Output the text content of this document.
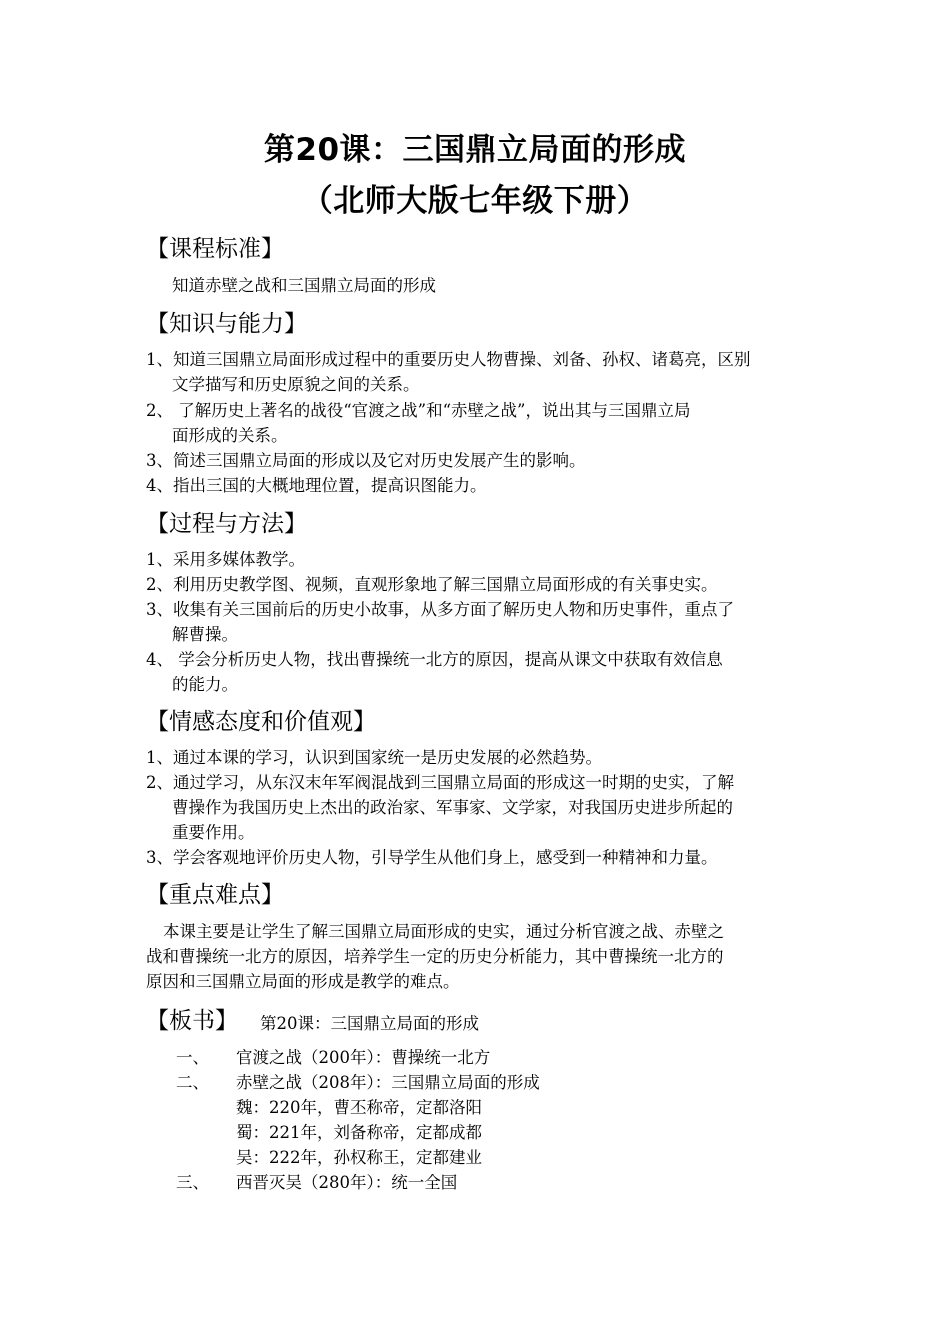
第20课：三国鼎立局面的形成
（北师大版七年级下册）
【课程标准】
知道赤壁之战和三国鼎立局面的形成
【知识与能力】
1、知道三国鼎立局面形成过程中的重要历史人物曹操、刘备、孙权、诸葛亮，区别
文学描写和历史原貌之间的关系。
2、 了解历史上著名的战役“官渡之战”和“赤壁之战”，说出其与三国鼎立局
面形成的关系。
3、简述三国鼎立局面的形成以及它对历史发展产生的影响。
4、指出三国的大概地理位置，提高识图能力。
【过程与方法】
1、采用多媒体教学。
2、利用历史教学图、视频，直观形象地了解三国鼎立局面形成的有关事史实。
3、收集有关三国前后的历史小故事，从多方面了解历史人物和历史事件，重点了
解曹操。
4、 学会分析历史人物，找出曹操统一北方的原因，提高从课文中获取有效信息
的能力。
【情感态度和价值观】
1、通过本课的学习，认识到国家统一是历史发展的必然趋势。
2、通过学习，从东汉末年军阀混战到三国鼎立局面的形成这一时期的史实，了解
曹操作为我国历史上杰出的政治家、军事家、文学家，对我国历史进步所起的
重要作用。
3、学会客观地评价历史人物，引导学生从他们身上，感受到一种精神和力量。
【重点难点】
本课主要是让学生了解三国鼎立局面形成的史实，通过分析官渡之战、赤壁之
战和曹操统一北方的原因，培养学生一定的历史分析能力，其中曹操统一北方的
原因和三国鼎立局面的形成是教学的难点。
【板书】 第20课：三国鼎立局面的形成
一、 官渡之战（200年）：曹操统一北方
二、 赤壁之战（208年）：三国鼎立局面的形成
魏：220年，曹丕称帝，定都洛阳
蜀：221年，刘备称帝，定都成都
吴：222年，孙权称王，定都建业
三、 西晋灭吴（280年）：统一全国
